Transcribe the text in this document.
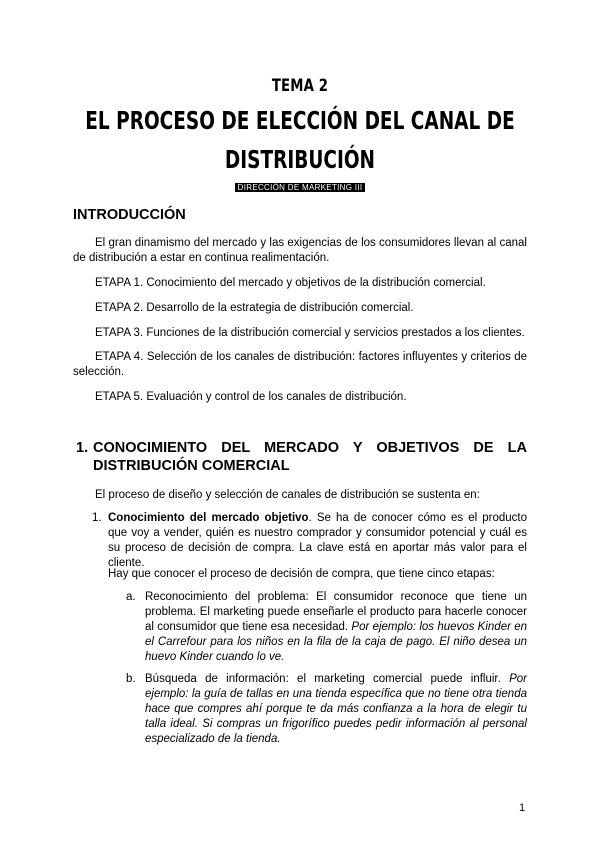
TEMA 2
EL PROCESO DE ELECCIÓN DEL CANAL DE
DISTRIBUCIÓN
DIRECCIÓN DE MARKETING III
INTRODUCCIÓN

El gran dinamismo del mercado y las exigencias de los consumidores llevan al canal de distribución a estar en continua realimentación.

ETAPA 1. Conocimiento del mercado y objetivos de la distribución comercial.

ETAPA 2. Desarrollo de la estrategia de distribución comercial.

ETAPA 3. Funciones de la distribución comercial y servicios prestados a los clientes.

ETAPA 4. Selección de los canales de distribución: factores influyentes y criterios de selección.

ETAPA 5. Evaluación y control de los canales de distribución.

1. CONOCIMIENTO DEL MERCADO Y OBJETIVOS DE LA
DISTRIBUCIÓN COMERCIAL

El proceso de diseño y selección de canales de distribución se sustenta en:

1. Conocimiento del mercado objetivo. Se ha de conocer cómo es el producto que voy a vender, quién es nuestro comprador y consumidor potencial y cuál es su proceso de decisión de compra. La clave está en aportar más valor para el cliente.

Hay que conocer el proceso de decisión de compra, que tiene cinco etapas:

a. Reconocimiento del problema: El consumidor reconoce que tiene un problema. El marketing puede enseñarle el producto para hacerle conocer al consumidor que tiene esa necesidad. Por ejemplo: los huevos Kinder en el Carrefour para los niños en la fila de la caja de pago. El niño desea un huevo Kinder cuando lo ve.

b. Búsqueda de información: el marketing comercial puede influir. Por ejemplo: la guía de tallas en una tienda específica que no tiene otra tienda hace que compres ahí porque te da más confianza a la hora de elegir tu talla ideal. Si compras un frigorífico puedes pedir información al personal especializado de la tienda.

1
